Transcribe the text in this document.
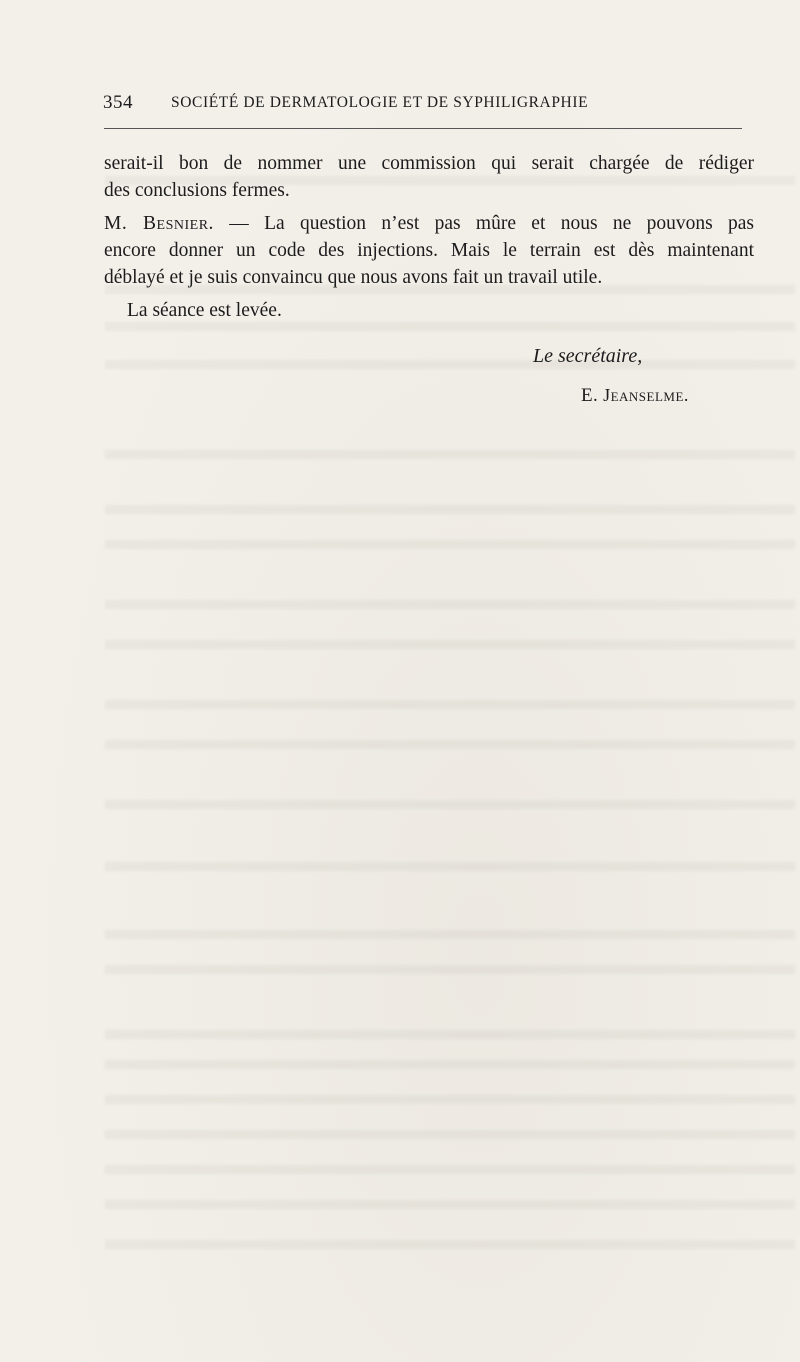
354 SOCIÉTÉ DE DERMATOLOGIE ET DE SYPHILIGRAPHIE
serait-il bon de nommer une commission qui serait chargée de rédiger
des conclusions fermes.
M. Besnier. — La question n’est pas mûre et nous ne pouvons pas
encore donner un code des injections. Mais le terrain est dès maintenant
déblayé et je suis convaincu que nous avons fait un travail utile.
La séance est levée.
Le secrétaire,
E. Jeanselme.
